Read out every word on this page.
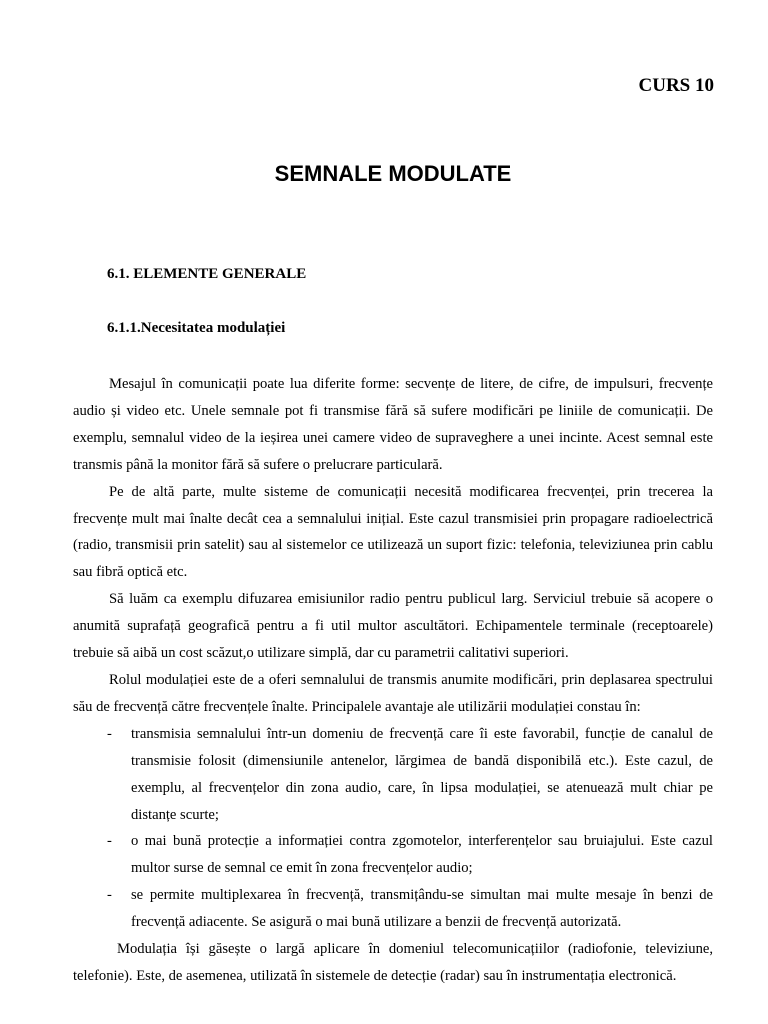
CURS 10
SEMNALE MODULATE
6.1. ELEMENTE GENERALE
6.1.1.Necesitatea modulației

Mesajul în comunicații poate lua diferite forme: secvențe de litere, de cifre, de impulsuri, frecvențe audio și video etc. Unele semnale pot fi transmise fără să sufere modificări pe liniile de comunicații. De exemplu, semnalul video de la ieșirea unei camere video de supraveghere a unei incinte. Acest semnal este transmis până la monitor fără să sufere o prelucrare particulară.

Pe de altă parte, multe sisteme de comunicații necesită modificarea frecvenței, prin trecerea la frecvențe mult mai înalte decât cea a semnalului inițial. Este cazul transmisiei prin propagare radioelectrică (radio, transmisii prin satelit) sau al sistemelor ce utilizează un suport fizic: telefonia, televiziunea prin cablu sau fibră optică etc.

Să luăm ca exemplu difuzarea emisiunilor radio pentru publicul larg. Serviciul trebuie să acopere o anumită suprafață geografică pentru a fi util multor ascultători. Echipamentele terminale (receptoarele) trebuie să aibă un cost scăzut,o utilizare simplă, dar cu parametrii calitativi superiori.

Rolul modulației este de a oferi semnalului de transmis anumite modificări, prin deplasarea spectrului său de frecvență către frecvențele înalte. Principalele avantaje ale utilizării modulației constau în:

- transmisia semnalului într-un domeniu de frecvență care îi este favorabil, funcție de canalul de transmisie folosit (dimensiunile antenelor, lărgimea de bandă disponibilă etc.). Este cazul, de exemplu, al frecvențelor din zona audio, care, în lipsa modulației, se atenuează mult chiar pe distanțe scurte;
- o mai bună protecție a informației contra zgomotelor, interferențelor sau bruiajului. Este cazul multor surse de semnal ce emit în zona frecvențelor audio;
- se permite multiplexarea în frecvență, transmițându-se simultan mai multe mesaje în benzi de frecvență adiacente. Se asigură o mai bună utilizare a benzii de frecvență autorizată.

Modulația își găsește o largă aplicare în domeniul telecomunicațiilor (radiofonie, televiziune, telefonie). Este, de asemenea, utilizată în sistemele de detecție (radar) sau în instrumentația electronică.
